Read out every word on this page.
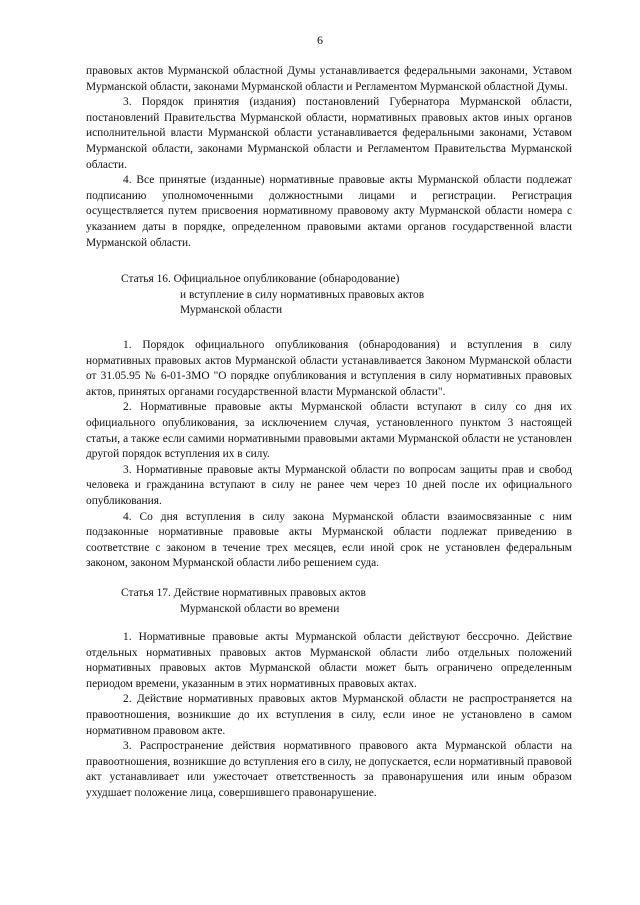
6

правовых актов Мурманской областной Думы устанавливается федеральными законами, Уставом Мурманской области, законами Мурманской области и Регламентом Мурманской областной Думы.

3. Порядок принятия (издания) постановлений Губернатора Мурманской области, постановлений Правительства Мурманской области, нормативных правовых актов иных органов исполнительной власти Мурманской области устанавливается федеральными законами, Уставом Мурманской области, законами Мурманской области и Регламентом Правительства Мурманской области.

4. Все принятые (изданные) нормативные правовые акты Мурманской области подлежат подписанию уполномоченными должностными лицами и регистрации. Регистрация осуществляется путем присвоения нормативному правовому акту Мурманской области номера с указанием даты в порядке, определенном правовыми актами органов государственной власти Мурманской области.

Статья 16. Официальное опубликование (обнародование)
и вступление в силу нормативных правовых актов
Мурманской области

1. Порядок официального опубликования (обнародования) и вступления в силу нормативных правовых актов Мурманской области устанавливается Законом Мурманской области от 31.05.95 № 6-01-ЗМО "О порядке опубликования и вступления в силу нормативных правовых актов, принятых органами государственной власти Мурманской области".

2. Нормативные правовые акты Мурманской области вступают в силу со дня их официального опубликования, за исключением случая, установленного пунктом 3 настоящей статьи, а также если самими нормативными правовыми актами Мурманской области не установлен другой порядок вступления их в силу.

3. Нормативные правовые акты Мурманской области по вопросам защиты прав и свобод человека и гражданина вступают в силу не ранее чем через 10 дней после их официального опубликования.

4. Со дня вступления в силу закона Мурманской области взаимосвязанные с ним подзаконные нормативные правовые акты Мурманской области подлежат приведению в соответствие с законом в течение трех месяцев, если иной срок не установлен федеральным законом, законом Мурманской области либо решением суда.

Статья 17. Действие нормативных правовых актов
Мурманской области во времени

1. Нормативные правовые акты Мурманской области действуют бессрочно. Действие отдельных нормативных правовых актов Мурманской области либо отдельных положений нормативных правовых актов Мурманской области может быть ограничено определенным периодом времени, указанным в этих нормативных правовых актах.

2. Действие нормативных правовых актов Мурманской области не распространяется на правоотношения, возникшие до их вступления в силу, если иное не установлено в самом нормативном правовом акте.

3. Распространение действия нормативного правового акта Мурманской области на правоотношения, возникшие до вступления его в силу, не допускается, если нормативный правовой акт устанавливает или ужесточает ответственность за правонарушения или иным образом ухудшает положение лица, совершившего правонарушение.
